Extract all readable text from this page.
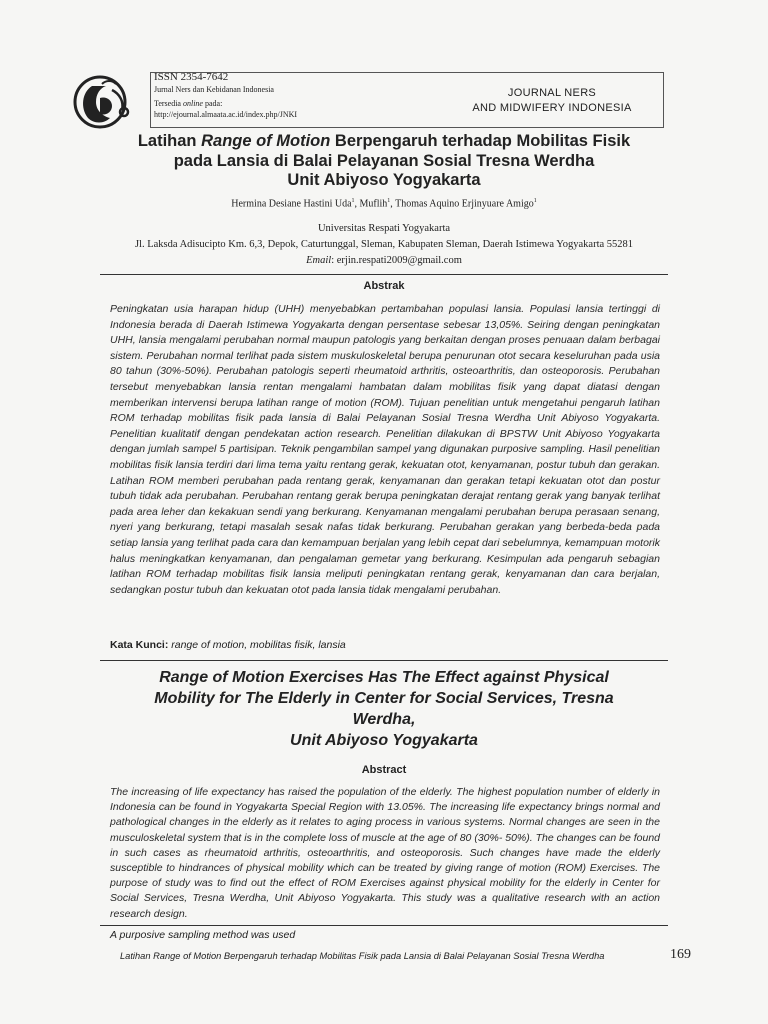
ISSN 2354-7642
Jurnal Ners dan Kebidanan Indonesia
Tersedia online pada:
http://ejournal.almaata.ac.id/index.php/JNKI
JOURNAL NERS
AND MIDWIFERY INDONESIA
Latihan Range of Motion Berpengaruh terhadap Mobilitas Fisik
pada Lansia di Balai Pelayanan Sosial Tresna Werdha
Unit Abiyoso Yogyakarta
Hermina Desiane Hastini Uda$^1$, Muflih$^1$, Thomas Aquino Erjinyuare Amigo$^1$
Universitas Respati Yogyakarta
Jl. Laksda Adisucipto Km. 6,3, Depok, Caturtunggal, Sleman, Kabupaten Sleman, Daerah Istimewa Yogyakarta 55281
Email: erjin.respati2009@gmail.com
Abstrak

Peningkatan usia harapan hidup (UHH) menyebabkan pertambahan populasi lansia. Populasi lansia tertinggi di Indonesia berada di Daerah Istimewa Yogyakarta dengan persentase sebesar 13,05%. Seiring dengan peningkatan UHH, lansia mengalami perubahan normal maupun patologis yang berkaitan dengan proses penuaan dalam berbagai sistem. Perubahan normal terlihat pada sistem muskuloskeletal berupa penurunan otot secara keseluruhan pada usia 80 tahun (30%-50%). Perubahan patologis seperti rheumatoid arthritis, osteoarthritis, dan osteoporosis. Perubahan tersebut menyebabkan lansia rentan mengalami hambatan dalam mobilitas fisik yang dapat diatasi dengan memberikan intervensi berupa latihan range of motion (ROM). Tujuan penelitian untuk mengetahui pengaruh latihan ROM terhadap mobilitas fisik pada lansia di Balai Pelayanan Sosial Tresna Werdha Unit Abiyoso Yogyakarta. Penelitian kualitatif dengan pendekatan action research. Penelitian dilakukan di BPSTW Unit Abiyoso Yogyakarta dengan jumlah sampel 5 partisipan. Teknik pengambilan sampel yang digunakan purposive sampling. Hasil penelitian mobilitas fisik lansia terdiri dari lima tema yaitu rentang gerak, kekuatan otot, kenyamanan, postur tubuh dan gerakan. Latihan ROM memberi perubahan pada rentang gerak, kenyamanan dan gerakan tetapi kekuatan otot dan postur tubuh tidak ada perubahan. Perubahan rentang gerak berupa peningkatan derajat rentang gerak yang banyak terlihat pada area leher dan kekakuan sendi yang berkurang. Kenyamanan mengalami perubahan berupa perasaan senang, nyeri yang berkurang, tetapi masalah sesak nafas tidak berkurang. Perubahan gerakan yang berbeda-beda pada setiap lansia yang terlihat pada cara dan kemampuan berjalan yang lebih cepat dari sebelumnya, kemampuan motorik halus meningkatkan kenyamanan, dan pengalaman gemetar yang berkurang. Kesimpulan ada pengaruh sebagian latihan ROM terhadap mobilitas fisik lansia meliputi peningkatan rentang gerak, kenyamanan dan cara berjalan, sedangkan postur tubuh dan kekuatan otot pada lansia tidak mengalami perubahan.

Kata Kunci: range of motion, mobilitas fisik, lansia
Range of Motion Exercises Has The Effect against Physical
Mobility for The Elderly in Center for Social Services, Tresna
Werdha,
Unit Abiyoso Yogyakarta
Abstract

The increasing of life expectancy has raised the population of the elderly. The highest population number of elderly in Indonesia can be found in Yogyakarta Special Region with 13.05%. The increasing life expectancy brings normal and pathological changes in the elderly as it relates to aging process in various systems. Normal changes are seen in the musculoskeletal system that is in the complete loss of muscle at the age of 80 (30%- 50%). The changes can be found in such cases as rheumatoid arthritis, osteoarthritis, and osteoporosis. Such changes have made the elderly susceptible to hindrances of physical mobility which can be treated by giving range of motion (ROM) Exercises. The purpose of study was to find out the effect of ROM Exercises against physical mobility for the elderly in Center for Social Services, Tresna Werdha, Unit Abiyoso Yogyakarta. This study was a qualitative research with an action research design.

A purposive sampling method was used
Latihan Range of Motion Berpengaruh terhadap Mobilitas Fisik pada Lansia di Balai Pelayanan Sosial Tresna Werdha	169
